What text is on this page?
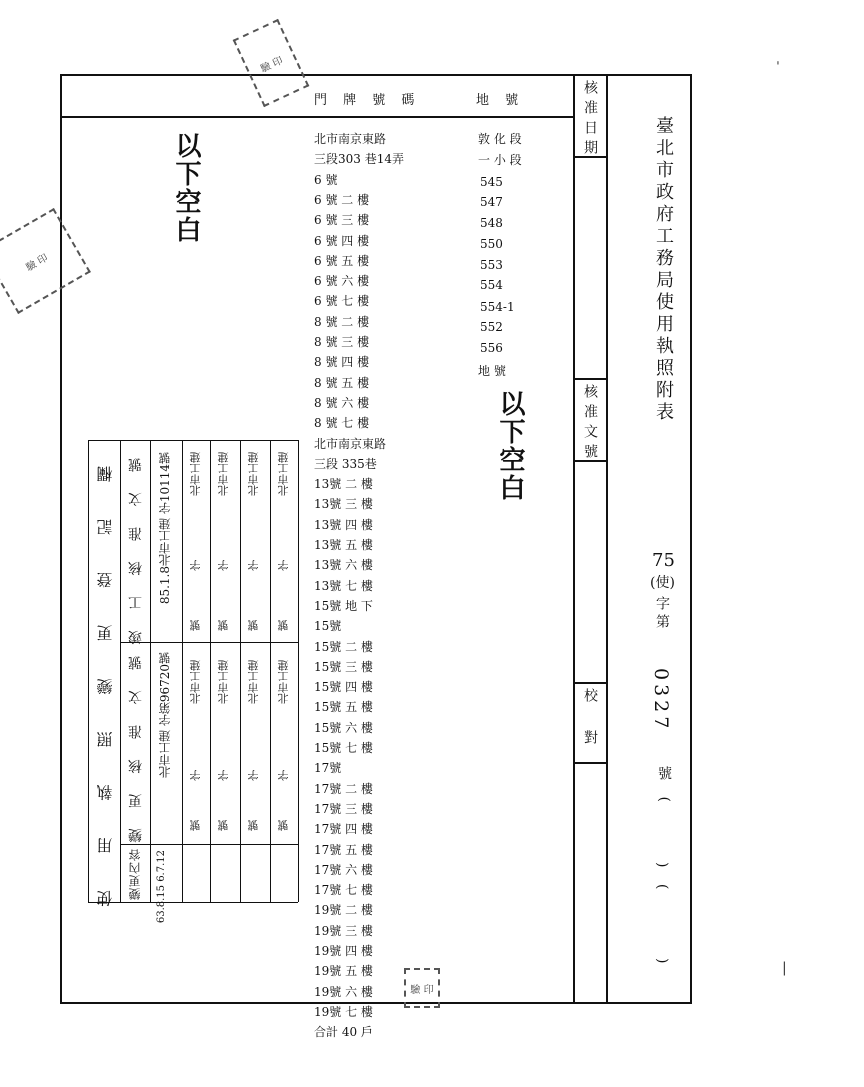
門 牌 號 碼	地 號	核准日期
核准文號
校對
臺北市政府工務局使用執照附表
75
(使)
字第
0327
號 (
) (
)
以下空白
以下空白
北市南京東路
三段303 巷14弄
6 號
6 號 二 樓
6 號 三 樓
6 號 四 樓
6 號 五 樓
6 號 六 樓
6 號 七 樓
8 號 二 樓
8 號 三 樓
8 號 四 樓
8 號 五 樓
8 號 六 樓
8 號 七 樓
北市南京東路
三段 335巷
13號 二 樓
13號 三 樓
13號 四 樓
13號 五 樓
13號 六 樓
13號 七 樓
15號 地 下
15號
15號 二 樓
15號 三 樓
15號 四 樓
15號 五 樓
15號 六 樓
15號 七 樓
17號
17號 二 樓
17號 三 樓
17號 四 樓
17號 五 樓
17號 六 樓
17號 七 樓
19號 二 樓
19號 三 樓
19號 四 樓
19號 五 樓
19號 六 樓
19號 七 樓
合計 40 戶
敦 化 段
一 小 段
545
547
548
550
553
554
554-1
552
556
地 號
使 用 執 照 變 更 登 記 欄 竣 工 核 准 文 號
變 更 核 准 文 號
變更內容
85.1.8北市工建 字10114號
北市工建 字第96720號
63.8.15 6.7.12
北市工建
字
號
北市工建
字
號
北市工建
字
號
北市工建
字
號
北市工建
字
號
北市工建
字
號
北市工建
字
號
北市工建
字
號
驗 印
驗 印
驗 印
ˈ
|
